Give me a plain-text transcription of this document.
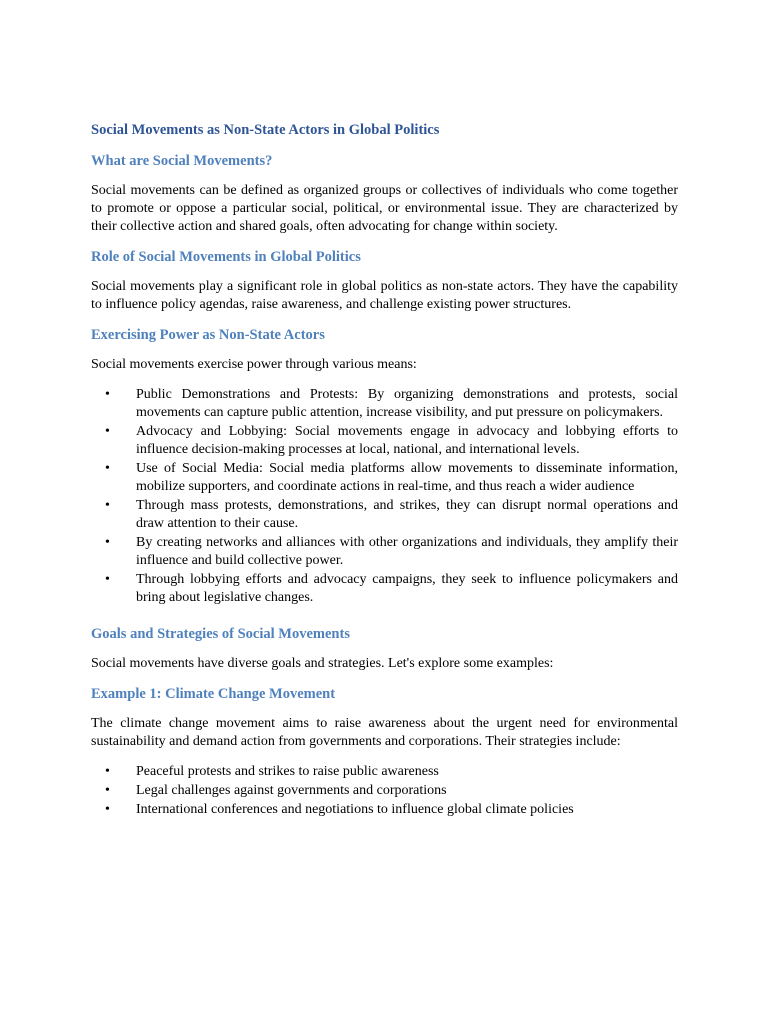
Social Movements as Non-State Actors in Global Politics
What are Social Movements?

Social movements can be defined as organized groups or collectives of individuals who come together to promote or oppose a particular social, political, or environmental issue. They are characterized by their collective action and shared goals, often advocating for change within society.

Role of Social Movements in Global Politics

Social movements play a significant role in global politics as non-state actors. They have the capability to influence policy agendas, raise awareness, and challenge existing power structures.

Exercising Power as Non-State Actors

Social movements exercise power through various means:

• Public Demonstrations and Protests: By organizing demonstrations and protests, social movements can capture public attention, increase visibility, and put pressure on policymakers.
• Advocacy and Lobbying: Social movements engage in advocacy and lobbying efforts to influence decision-making processes at local, national, and international levels.
• Use of Social Media: Social media platforms allow movements to disseminate information, mobilize supporters, and coordinate actions in real-time, and thus reach a wider audience
• Through mass protests, demonstrations, and strikes, they can disrupt normal operations and draw attention to their cause.
• By creating networks and alliances with other organizations and individuals, they amplify their influence and build collective power.
• Through lobbying efforts and advocacy campaigns, they seek to influence policymakers and bring about legislative changes.
Goals and Strategies of Social Movements

Social movements have diverse goals and strategies. Let's explore some examples:

Example 1: Climate Change Movement

The climate change movement aims to raise awareness about the urgent need for environmental sustainability and demand action from governments and corporations. Their strategies include:

• Peaceful protests and strikes to raise public awareness
• Legal challenges against governments and corporations
• International conferences and negotiations to influence global climate policies
